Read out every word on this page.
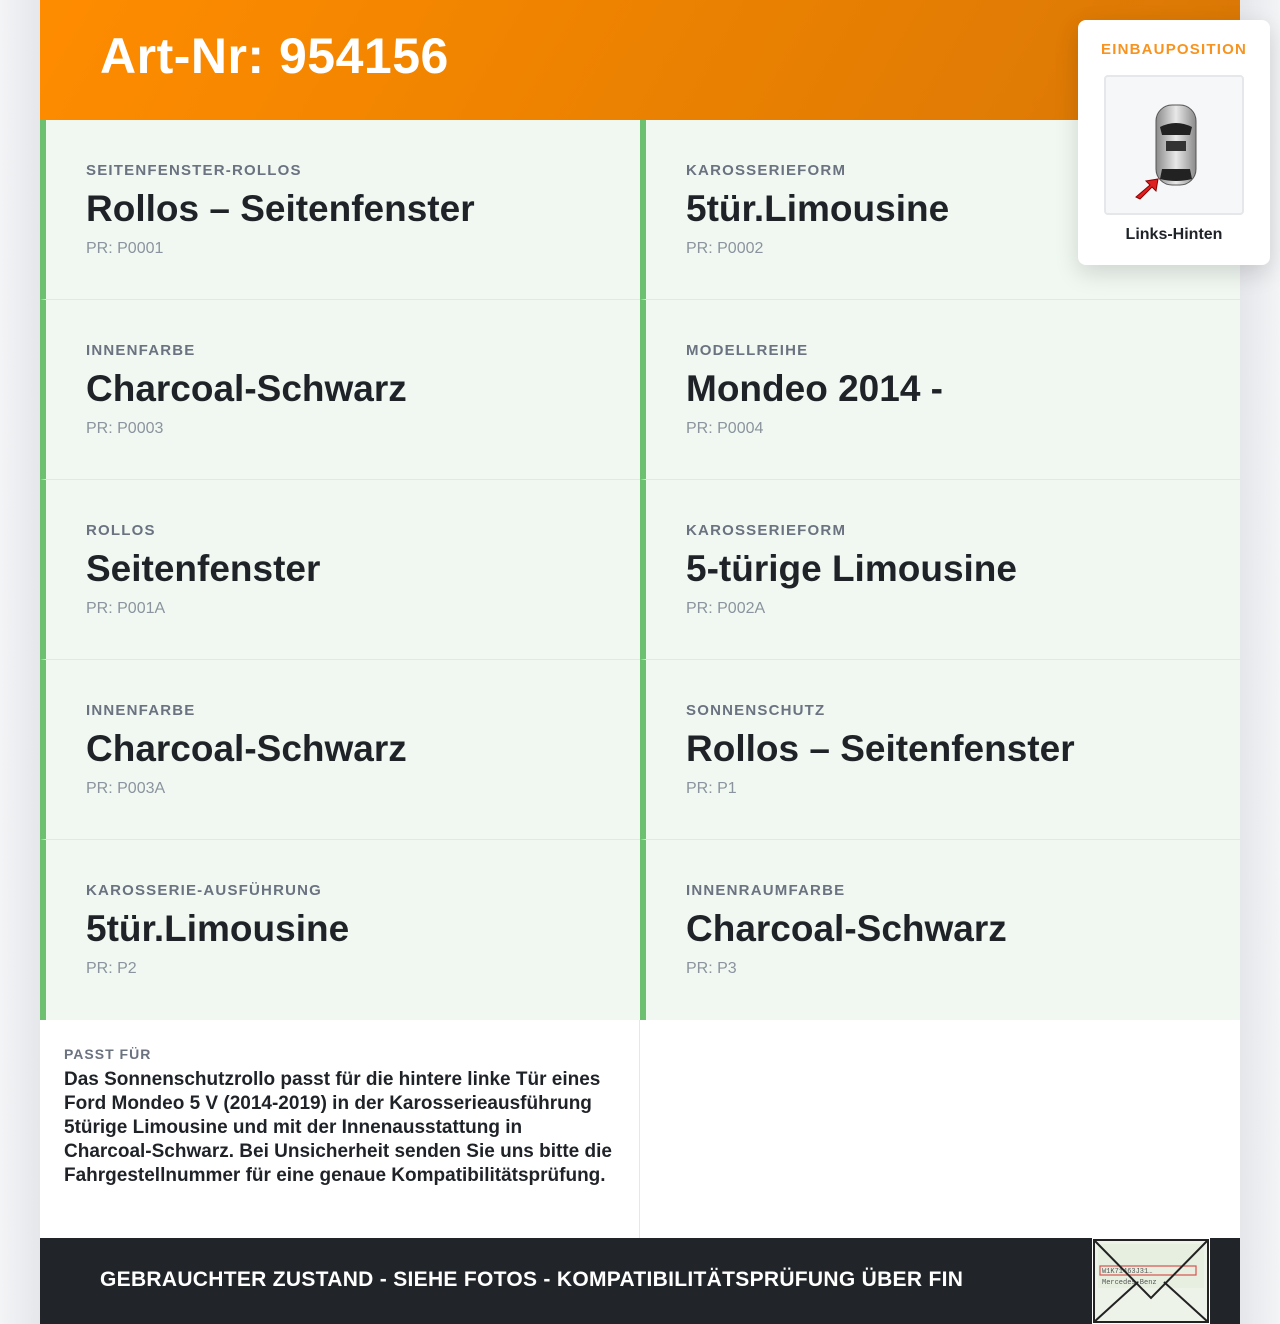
Art-Nr: 954156
SEITENFENSTER-ROLLOS
Rollos – Seitenfenster
PR: P0001
KAROSSERIEFORM
5tür.Limousine
PR: P0002
INNENFARBE
Charcoal-Schwarz
PR: P0003
MODELLREIHE
Mondeo 2014 -
PR: P0004
ROLLOS
Seitenfenster
PR: P001A
KAROSSERIEFORM
5-türige Limousine
PR: P002A
INNENFARBE
Charcoal-Schwarz
PR: P003A
SONNENSCHUTZ
Rollos – Seitenfenster
PR: P1
KAROSSERIE-AUSFÜHRUNG
5tür.Limousine
PR: P2
INNENRAUMFARBE
Charcoal-Schwarz
PR: P3
PASST FÜR
Das Sonnenschutzrollo passt für die hintere linke Tür eines Ford Mondeo 5 V (2014-2019) in der Karosserieausführung 5türige Limousine und mit der Innenausstattung in Charcoal-Schwarz. Bei Unsicherheit senden Sie uns bitte die Fahrgestellnummer für eine genaue Kompatibilitätsprüfung.
GEBRAUCHTER ZUSTAND - SIEHE FOTOS - KOMPATIBILITÄTSPRÜFUNG ÜBER FIN	W1K71463J31…
Mercedes-Benz
EINBAUPOSITION
Links-Hinten
